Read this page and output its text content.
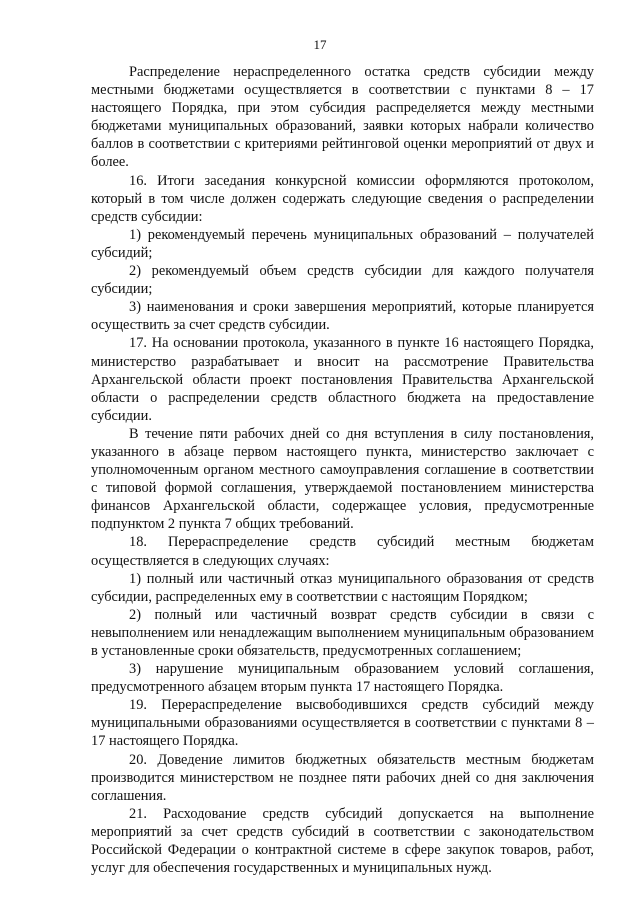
17

Распределение нераспределенного остатка средств субсидии между местными бюджетами осуществляется в соответствии с пунктами 8 – 17 настоящего Порядка, при этом субсидия распределяется между местными бюджетами муниципальных образований, заявки которых набрали количество баллов в соответствии с критериями рейтинговой оценки мероприятий от двух и более.

16. Итоги заседания конкурсной комиссии оформляются протоколом, который в том числе должен содержать следующие сведения о распределении средств субсидии:

1) рекомендуемый перечень муниципальных образований – получателей субсидий;

2) рекомендуемый объем средств субсидии для каждого получателя субсидии;

3) наименования и сроки завершения мероприятий, которые планируется осуществить за счет средств субсидии.

17. На основании протокола, указанного в пункте 16 настоящего Порядка, министерство разрабатывает и вносит на рассмотрение Правительства Архангельской области проект постановления Правительства Архангельской области о распределении средств областного бюджета на предоставление субсидии.

В течение пяти рабочих дней со дня вступления в силу постановления, указанного в абзаце первом настоящего пункта, министерство заключает с уполномоченным органом местного самоуправления соглашение в соответствии с типовой формой соглашения, утверждаемой постановлением министерства финансов Архангельской области, содержащее условия, предусмотренные подпунктом 2 пункта 7 общих требований.

18. Перераспределение средств субсидий местным бюджетам осуществляется в следующих случаях:

1) полный или частичный отказ муниципального образования от средств субсидии, распределенных ему в соответствии с настоящим Порядком;

2) полный или частичный возврат средств субсидии в связи с невыполнением или ненадлежащим выполнением муниципальным образованием в установленные сроки обязательств, предусмотренных соглашением;

3) нарушение муниципальным образованием условий соглашения, предусмотренного абзацем вторым пункта 17 настоящего Порядка.

19. Перераспределение высвободившихся средств субсидий между муниципальными образованиями осуществляется в соответствии с пунктами 8 – 17 настоящего Порядка.

20. Доведение лимитов бюджетных обязательств местным бюджетам производится министерством не позднее пяти рабочих дней со дня заключения соглашения.

21. Расходование средств субсидий допускается на выполнение мероприятий за счет средств субсидий в соответствии с законодательством Российской Федерации о контрактной системе в сфере закупок товаров, работ, услуг для обеспечения государственных и муниципальных нужд.
